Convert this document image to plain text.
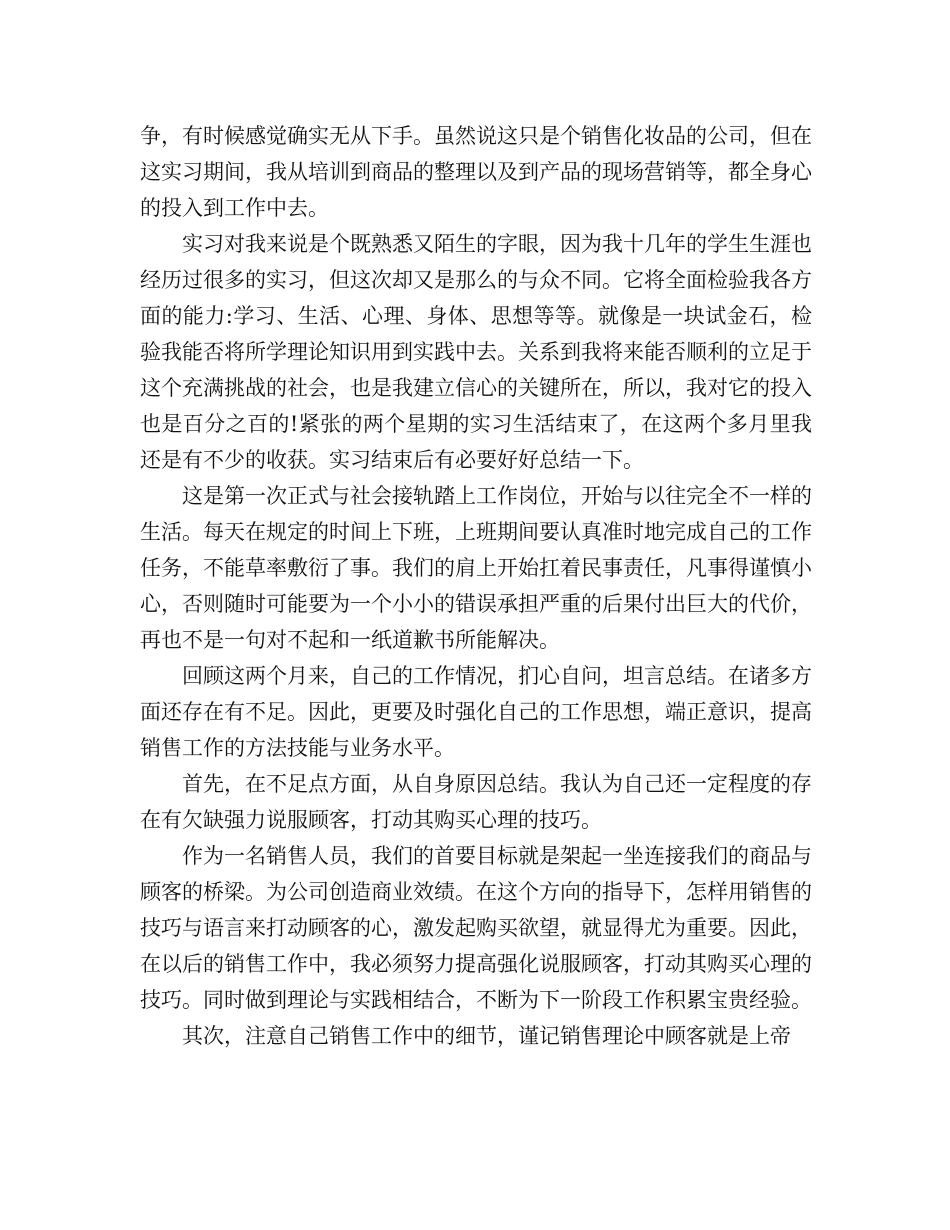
争，有时候感觉确实无从下手。虽然说这只是个销售化妆品的公司，但在这实习期间，我从培训到商品的整理以及到产品的现场营销等，都全身心的投入到工作中去。

实习对我来说是个既熟悉又陌生的字眼，因为我十几年的学生生涯也经历过很多的实习，但这次却又是那么的与众不同。它将全面检验我各方面的能力:学习、生活、心理、身体、思想等等。就像是一块试金石，检验我能否将所学理论知识用到实践中去。关系到我将来能否顺利的立足于这个充满挑战的社会，也是我建立信心的关键所在，所以，我对它的投入也是百分之百的!紧张的两个星期的实习生活结束了，在这两个多月里我还是有不少的收获。实习结束后有必要好好总结一下。

这是第一次正式与社会接轨踏上工作岗位，开始与以往完全不一样的生活。每天在规定的时间上下班，上班期间要认真准时地完成自己的工作任务，不能草率敷衍了事。我们的肩上开始扛着民事责任，凡事得谨慎小心，否则随时可能要为一个小小的错误承担严重的后果付出巨大的代价，再也不是一句对不起和一纸道歉书所能解决。

回顾这两个月来，自己的工作情况，扪心自问，坦言总结。在诸多方面还存在有不足。因此，更要及时强化自己的工作思想，端正意识，提高销售工作的方法技能与业务水平。

首先，在不足点方面，从自身原因总结。我认为自己还一定程度的存在有欠缺强力说服顾客，打动其购买心理的技巧。

作为一名销售人员，我们的首要目标就是架起一坐连接我们的商品与顾客的桥梁。为公司创造商业效绩。在这个方向的指导下，怎样用销售的技巧与语言来打动顾客的心，激发起购买欲望，就显得尤为重要。因此，在以后的销售工作中，我必须努力提高强化说服顾客，打动其购买心理的技巧。同时做到理论与实践相结合，不断为下一阶段工作积累宝贵经验。

其次，注意自己销售工作中的细节，谨记销售理论中顾客就是上帝
